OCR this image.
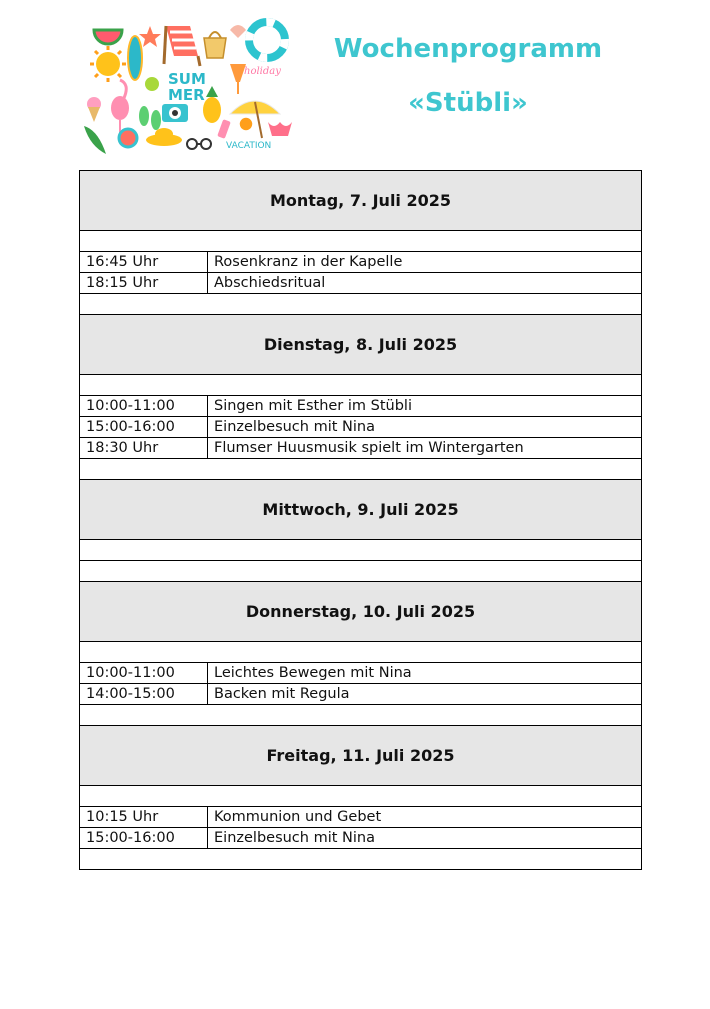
SUM
MER
holiday
VACATION
Wochenprogramm
«Stübli»
Montag, 7. Juli 2025	

16:45 Uhr	Rosenkranz in der Kapelle
18:15 Uhr	Abschiedsritual

Dienstag, 8. Juli 2025	

10:00-11:00	Singen mit Esther im Stübli
15:00-16:00	Einzelbesuch mit Nina
18:30 Uhr	Flumser Huusmusik spielt im Wintergarten

Mittwoch, 9. Juli 2025	

Donnerstag, 10. Juli 2025	

10:00-11:00	Leichtes Bewegen mit Nina
14:00-15:00	Backen mit Regula

Freitag, 11. Juli 2025	

10:15 Uhr	Kommunion und Gebet
15:00-16:00	Einzelbesuch mit Nina
